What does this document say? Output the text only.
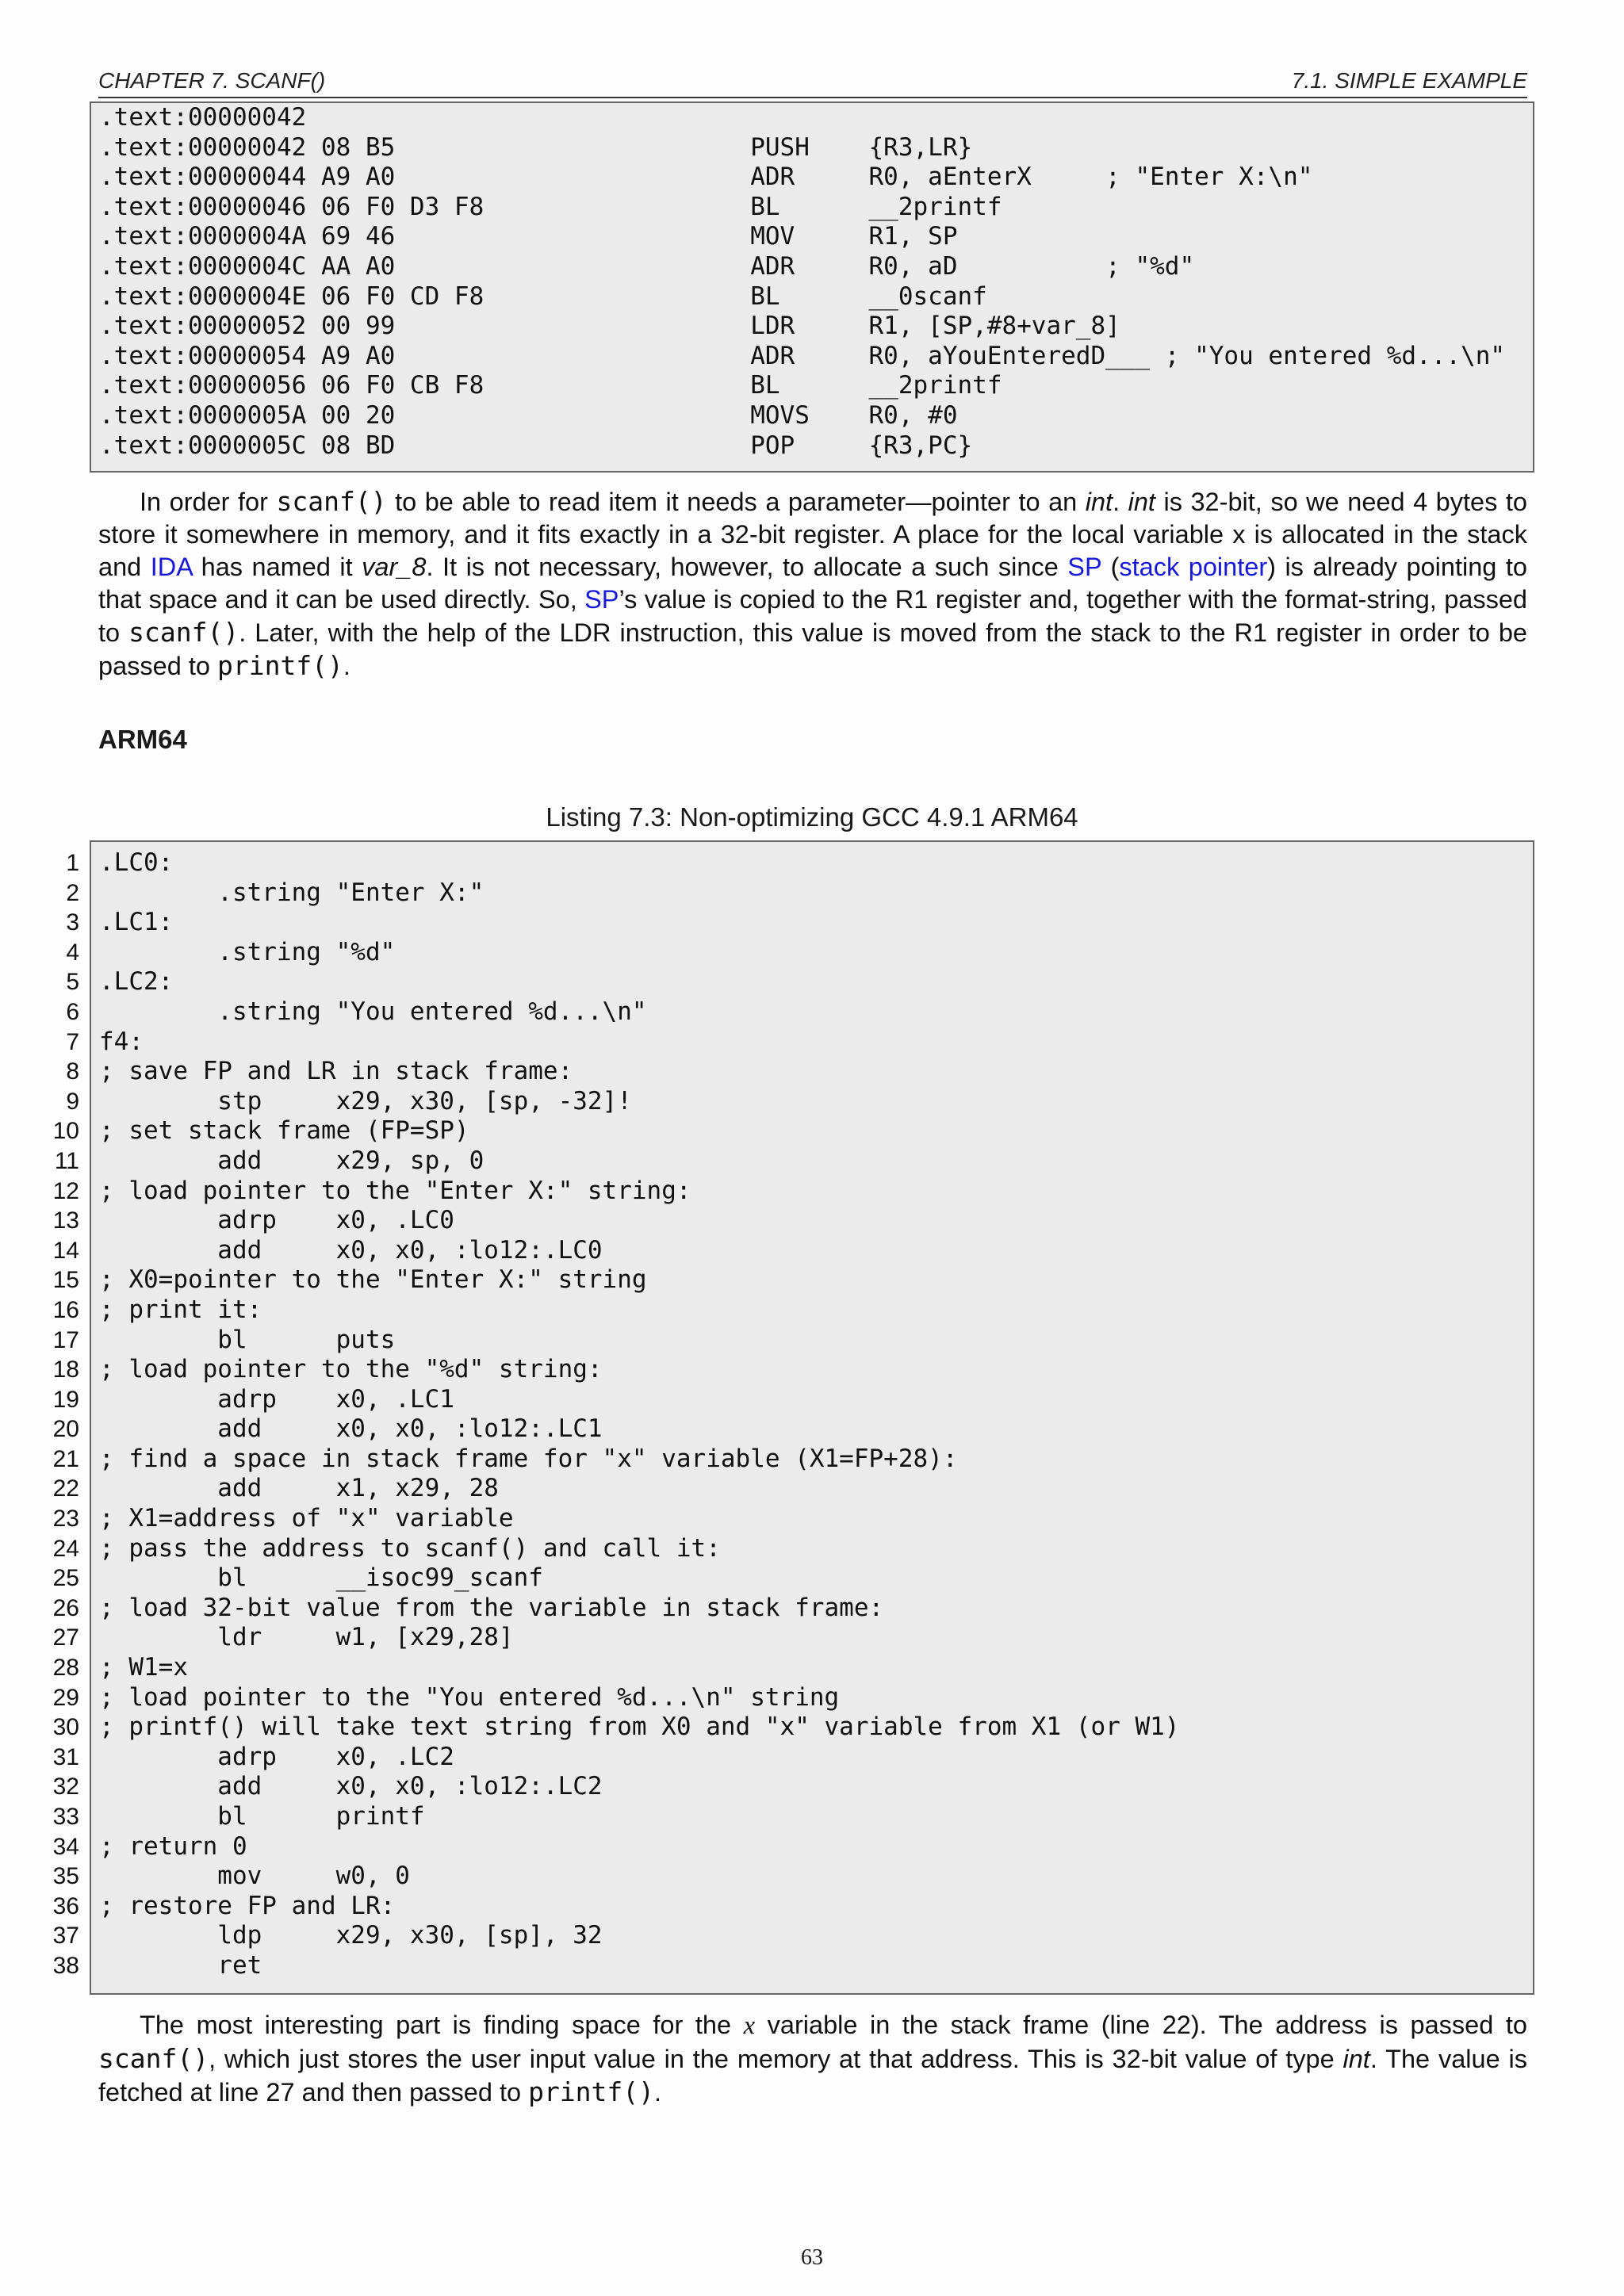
CHAPTER 7. SCANF()	7.1. SIMPLE EXAMPLE
.text:00000042
.text:00000042 08 B5                        PUSH    {R3,LR}
.text:00000044 A9 A0                        ADR     R0, aEnterX     ; "Enter X:\n"
.text:00000046 06 F0 D3 F8                  BL      __2printf
.text:0000004A 69 46                        MOV     R1, SP
.text:0000004C AA A0                        ADR     R0, aD          ; "%d"
.text:0000004E 06 F0 CD F8                  BL      __0scanf
.text:00000052 00 99                        LDR     R1, [SP,#8+var_8]
.text:00000054 A9 A0                        ADR     R0, aYouEnteredD___ ; "You entered %d...\n"
.text:00000056 06 F0 CB F8                  BL      __2printf
.text:0000005A 00 20                        MOVS    R0, #0
.text:0000005C 08 BD                        POP     {R3,PC}

In order for scanf() to be able to read item it needs a parameter—pointer to an int. int is 32-bit, so we need 4 bytes to store it somewhere in memory, and it fits exactly in a 32-bit register. A place for the local variable x is allocated in the stack and IDA has named it var_8. It is not necessary, however, to allocate a such since SP (stack pointer) is already pointing to that space and it can be used directly. So, SP’s value is copied to the R1 register and, together with the format-string, passed to scanf(). Later, with the help of the LDR instruction, this value is moved from the stack to the R1 register in order to be passed to printf().

ARM64
Listing 7.3: Non-optimizing GCC 4.9.1 ARM64
1
2
3
4
5
6
7
8
9
10
11
12
13
14
15
16
17
18
19
20
21
22
23
24
25
26
27
28
29
30
31
32
33
34
35
36
37
38
.LC0:
.string "Enter X:"
.LC1:
.string "%d"
.LC2:
.string "You entered %d...\n"
f4:
; save FP and LR in stack frame:
stp     x29, x30, [sp, -32]!
; set stack frame (FP=SP)
add     x29, sp, 0
; load pointer to the "Enter X:" string:
adrp    x0, .LC0
add     x0, x0, :lo12:.LC0
; X0=pointer to the "Enter X:" string
; print it:
bl      puts
; load pointer to the "%d" string:
adrp    x0, .LC1
add     x0, x0, :lo12:.LC1
; find a space in stack frame for "x" variable (X1=FP+28):
add     x1, x29, 28
; X1=address of "x" variable
; pass the address to scanf() and call it:
bl      __isoc99_scanf
; load 32-bit value from the variable in stack frame:
ldr     w1, [x29,28]
; W1=x
; load pointer to the "You entered %d...\n" string
; printf() will take text string from X0 and "x" variable from X1 (or W1)
adrp    x0, .LC2
add     x0, x0, :lo12:.LC2
bl      printf
; return 0
mov     w0, 0
; restore FP and LR:
ldp     x29, x30, [sp], 32
ret

The most interesting part is finding space for the x variable in the stack frame (line 22). The address is passed to scanf(), which just stores the user input value in the memory at that address. This is 32-bit value of type int. The value is fetched at line 27 and then passed to printf().

63
